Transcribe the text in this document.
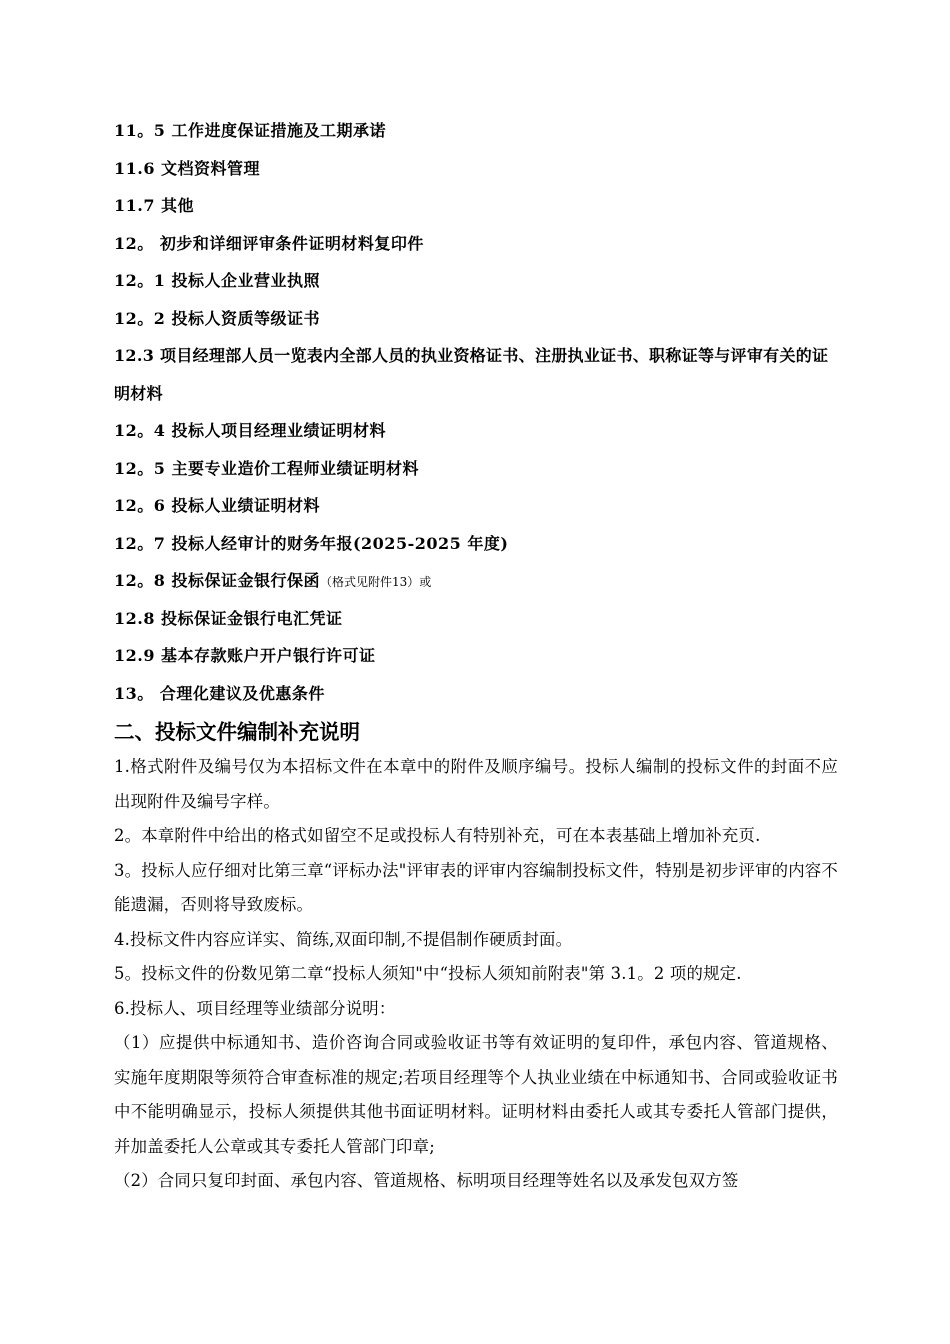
11。5 工作进度保证措施及工期承诺
11.6 文档资料管理
11.7 其他
12。 初步和详细评审条件证明材料复印件
12。1 投标人企业营业执照
12。2 投标人资质等级证书
12.3 项目经理部人员一览表内全部人员的执业资格证书、注册执业证书、职称证等与评审有关的证明材料
12。4 投标人项目经理业绩证明材料
12。5 主要专业造价工程师业绩证明材料
12。6 投标人业绩证明材料
12。7 投标人经审计的财务年报(2025-2025 年度)
12。8 投标保证金银行保函（格式见附件13）或
12.8 投标保证金银行电汇凭证
12.9 基本存款账户开户银行许可证
13。 合理化建议及优惠条件
二、投标文件编制补充说明
1.格式附件及编号仅为本招标文件在本章中的附件及顺序编号。投标人编制的投标文件的封面不应出现附件及编号字样。
2。本章附件中给出的格式如留空不足或投标人有特别补充，可在本表基础上增加补充页.
3。投标人应仔细对比第三章“评标办法"评审表的评审内容编制投标文件，特别是初步评审的内容不能遗漏，否则将导致废标。
4.投标文件内容应详实、简练,双面印制,不提倡制作硬质封面。
5。投标文件的份数见第二章“投标人须知"中“投标人须知前附表"第 3.1。2 项的规定.
6.投标人、项目经理等业绩部分说明：
（1）应提供中标通知书、造价咨询合同或验收证书等有效证明的复印件，承包内容、管道规格、实施年度期限等须符合审查标准的规定;若项目经理等个人执业业绩在中标通知书、合同或验收证书中不能明确显示，投标人须提供其他书面证明材料。证明材料由委托人或其专委托人管部门提供，并加盖委托人公章或其专委托人管部门印章;
（2）合同只复印封面、承包内容、管道规格、标明项目经理等姓名以及承发包双方签
